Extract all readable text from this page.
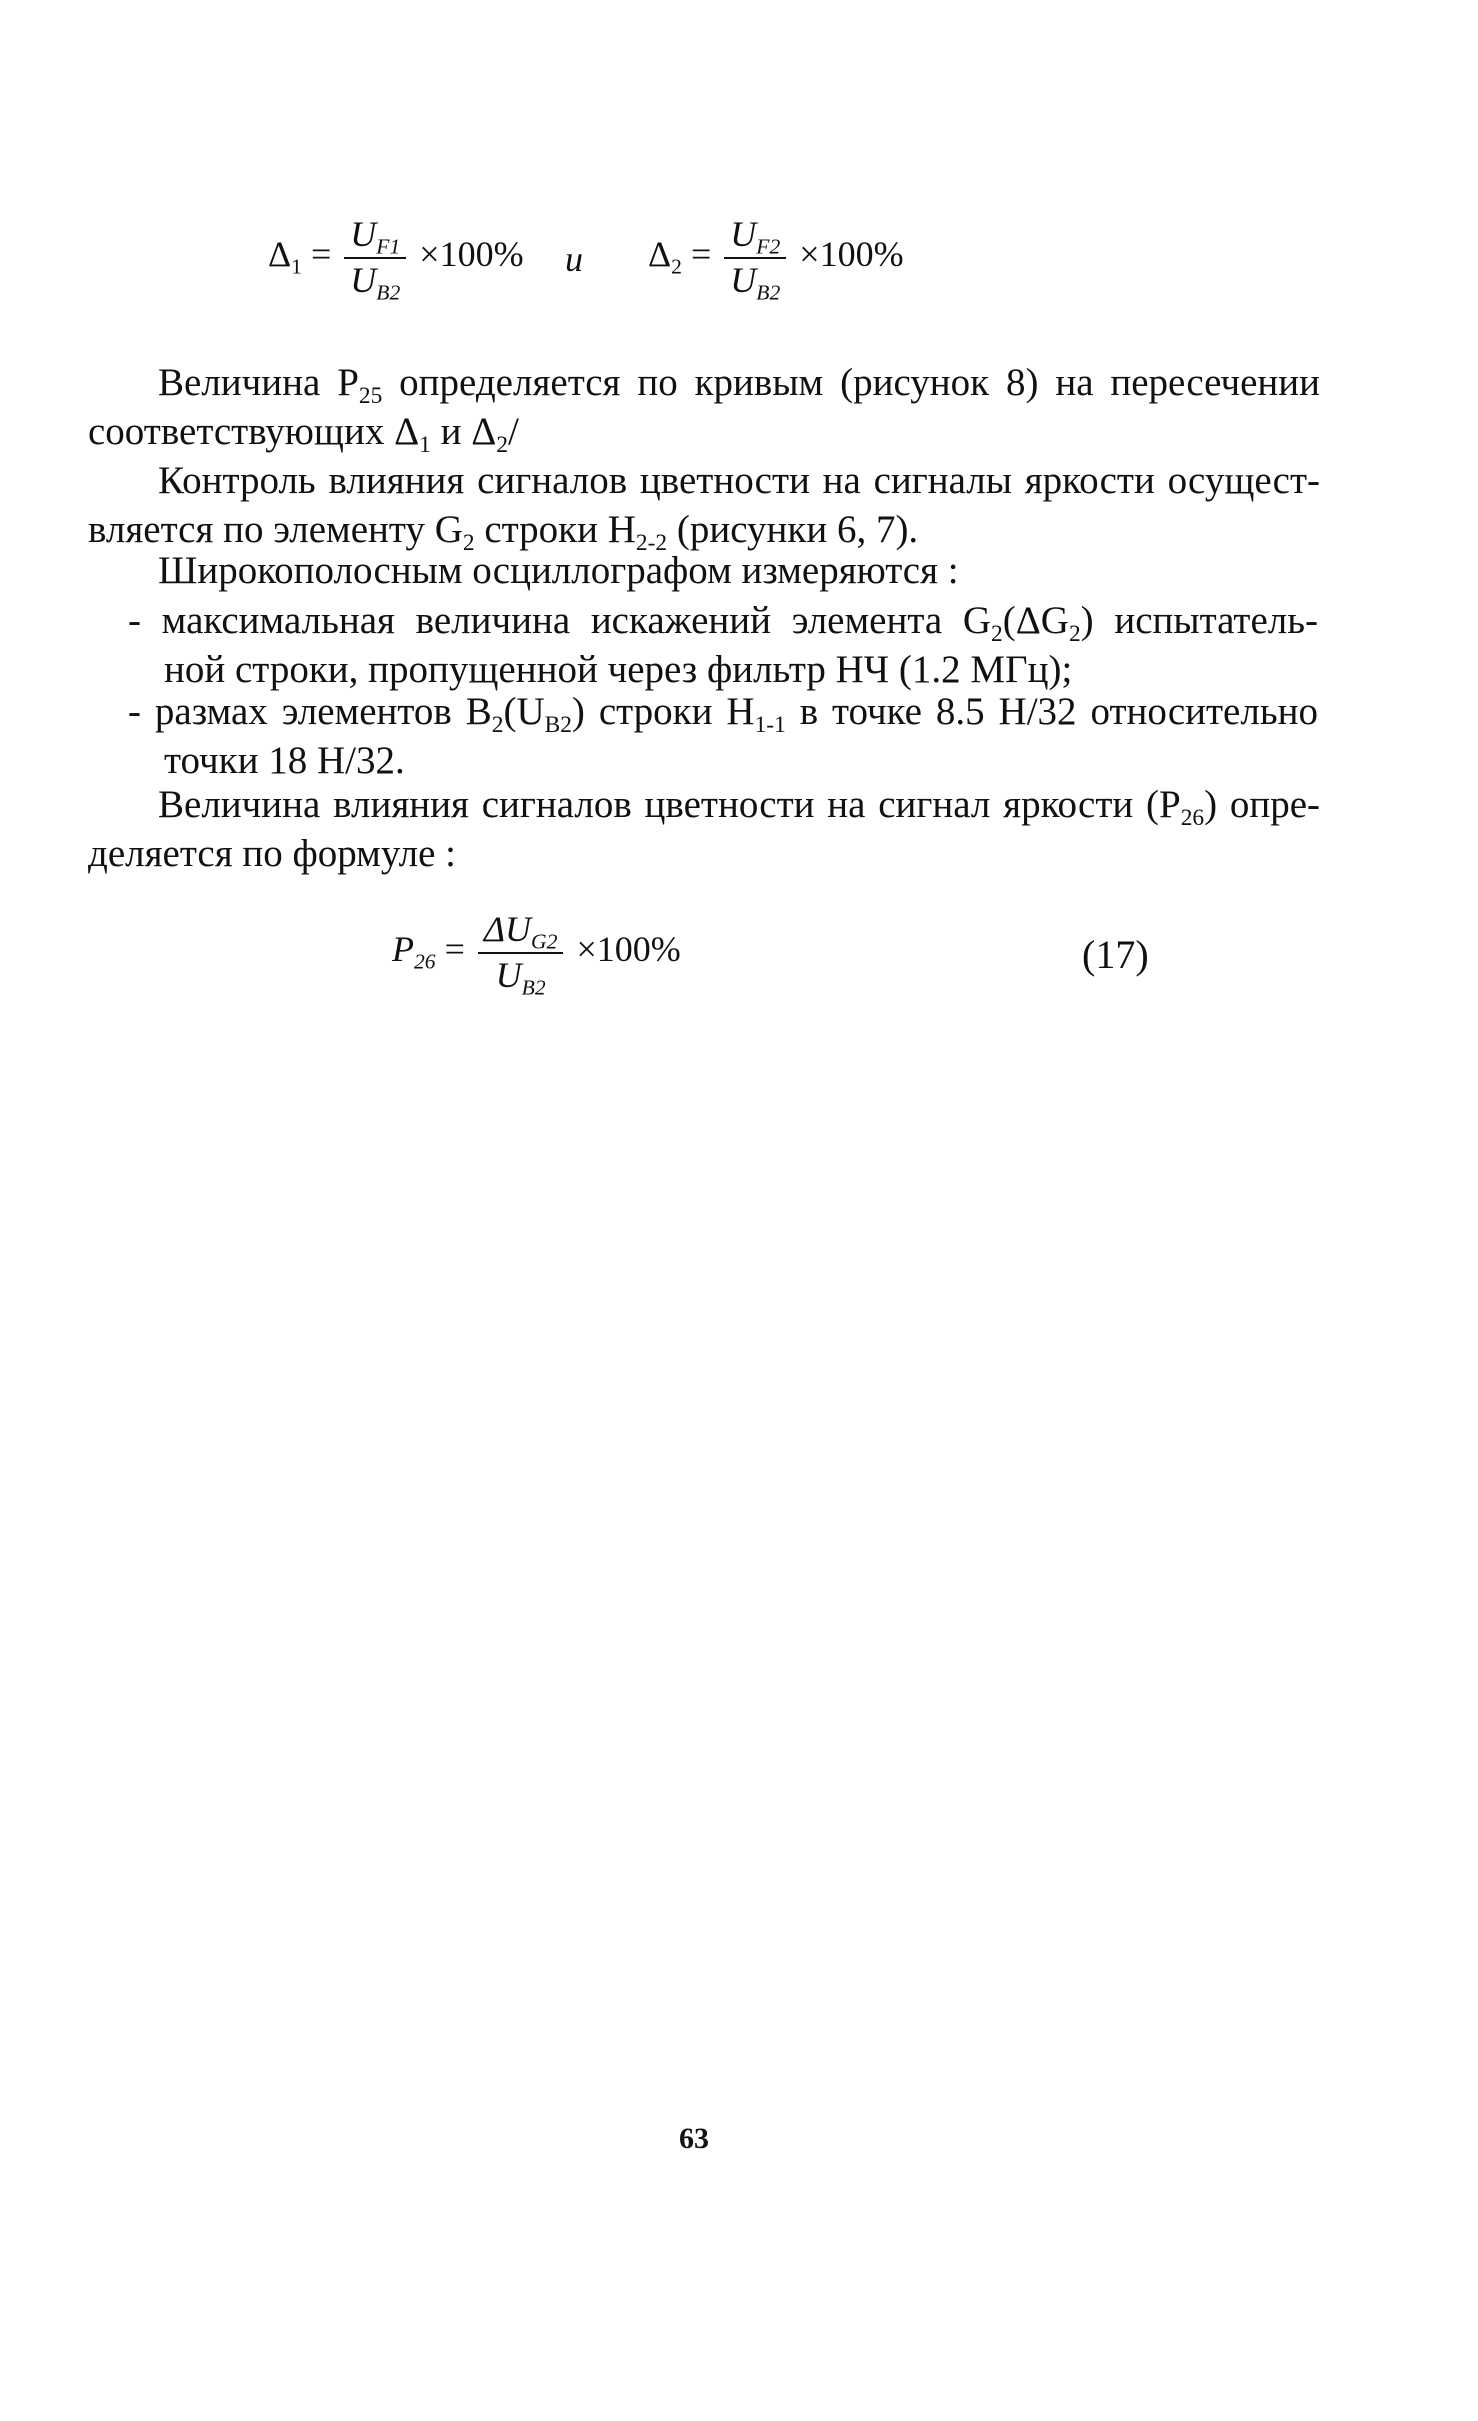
$\Delta_1 = \frac{U_{F1}}{U_{B2}} \times 100\%$ и $\Delta_2 = \frac{U_{F2}}{U_{B2}} \times 100\%$
Величина $Р_{25}$ определяется по кривым (рисунок 8) на пересечении
соответствующих $\Delta_1$ и $\Delta_2/$
Контроль влияния сигналов цветности на сигналы яркости осущест-
вляется по элементу $G_2$ строки $H_{2-2}$ (рисунки 6, 7).
Широкополосным осциллографом измеряются :
- максимальная величина искажений элемента $G_2(\Delta G_2)$ испытатель-
ной строки, пропущенной через фильтр НЧ (1.2 МГц);
- размах элементов $B_2(U_{B2})$ строки $H_{1-1}$ в точке 8.5 H/32 относительно
точки 18 H/32.
Величина влияния сигналов цветности на сигнал яркости $(P_{26})$ опре-
деляется по формуле :
$P_{26} = \frac{\Delta U_{G2}}{U_{B2}} \times 100\%$	(17)
63
